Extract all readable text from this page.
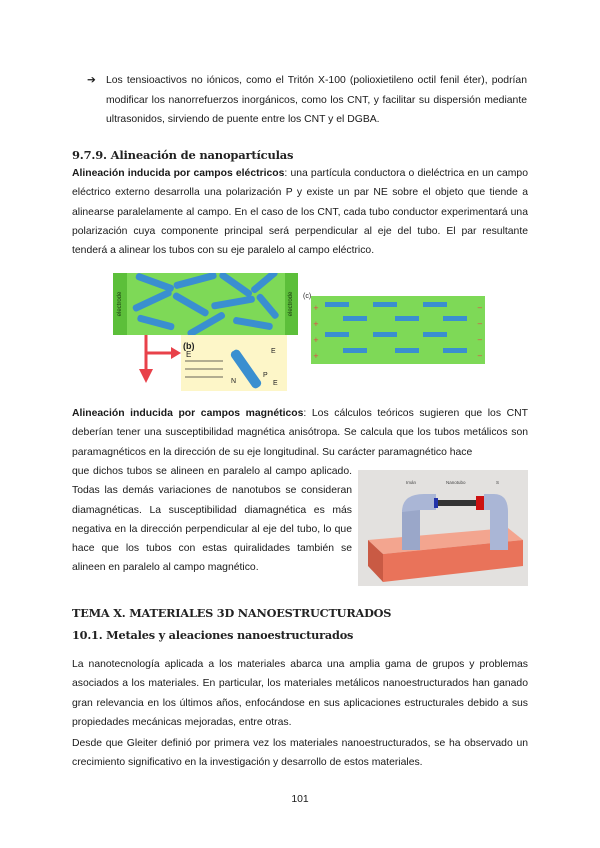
➔ Los tensioactivos no iónicos, como el Tritón X-100 (polioxietileno octil fenil éter), podrían modificar los nanorrefuerzos inorgánicos, como los CNT, y facilitar su dispersión mediante ultrasonidos, sirviendo de puente entre los CNT y el DGBA.
9.7.9. Alineación de nanopartículas
Alineación inducida por campos eléctricos: una partícula conductora o dieléctrica en un campo eléctrico externo desarrolla una polarización P y existe un par NE sobre el objeto que tiende a alinearse paralelamente al campo. En el caso de los CNT, cada tubo conductor experimentará una polarización cuya componente principal será perpendicular al eje del tubo. El par resultante tenderá a alinear los tubos con su eje paralelo al campo eléctrico.
electrode	electrode
(b)
E
N
P
E
E
(c)
+
+
+
+
−
−
−
−
Alineación inducida por campos magnéticos: Los cálculos teóricos sugieren que los CNT deberían tener una susceptibilidad magnética anisótropa. Se calcula que los tubos metálicos son paramagnéticos en la dirección de su eje longitudinal. Su carácter paramagnético hace
que dichos tubos se alineen en paralelo al campo aplicado. Todas las demás variaciones de nanotubos se consideran diamagnéticas. La susceptibilidad diamagnética es más negativa en la dirección perpendicular al eje del tubo, lo que hace que los tubos con estas quiralidades también se alineen en paralelo al campo magnético.
Imán	Nanotubo	S
TEMA X. MATERIALES 3D NANOESTRUCTURADOS
10.1. Metales y aleaciones nanoestructurados
La nanotecnología aplicada a los materiales abarca una amplia gama de grupos y problemas asociados a los materiales. En particular, los materiales metálicos nanoestructurados han ganado gran relevancia en los últimos años, enfocándose en sus aplicaciones estructurales debido a sus propiedades mecánicas mejoradas, entre otras.
Desde que Gleiter definió por primera vez los materiales nanoestructurados, se ha observado un crecimiento significativo en la investigación y desarrollo de estos materiales.
101
